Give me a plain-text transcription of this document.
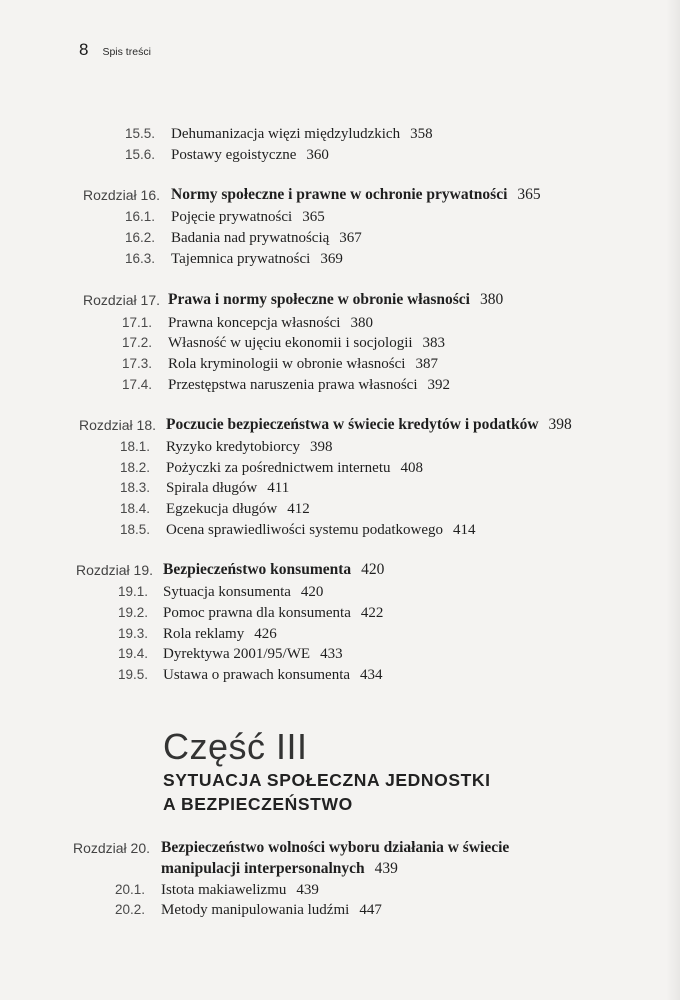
8 Spis treści
15.5. Dehumanizacja więzi międzyludzkich 358
15.6. Postawy egoistyczne 360
Rozdział 16. Normy społeczne i prawne w ochronie prywatności 365
16.1. Pojęcie prywatności 365
16.2. Badania nad prywatnością 367
16.3. Tajemnica prywatności 369
Rozdział 17. Prawa i normy społeczne w obronie własności 380
17.1. Prawna koncepcja własności 380
17.2. Własność w ujęciu ekonomii i socjologii 383
17.3. Rola kryminologii w obronie własności 387
17.4. Przestępstwa naruszenia prawa własności 392
Rozdział 18. Poczucie bezpieczeństwa w świecie kredytów i podatków 398
18.1. Ryzyko kredytobiorcy 398
18.2. Pożyczki za pośrednictwem internetu 408
18.3. Spirala długów 411
18.4. Egzekucja długów 412
18.5. Ocena sprawiedliwości systemu podatkowego 414
Rozdział 19. Bezpieczeństwo konsumenta 420
19.1. Sytuacja konsumenta 420
19.2. Pomoc prawna dla konsumenta 422
19.3. Rola reklamy 426
19.4. Dyrektywa 2001/95/WE 433
19.5. Ustawa o prawach konsumenta 434
Część III
SYTUACJA SPOŁECZNA JEDNOSTKI
A BEZPIECZEŃSTWO
Rozdział 20. Bezpieczeństwo wolności wyboru działania w świecie
manipulacji interpersonalnych 439
20.1. Istota makiawelizmu 439
20.2. Metody manipulowania ludźmi 447
